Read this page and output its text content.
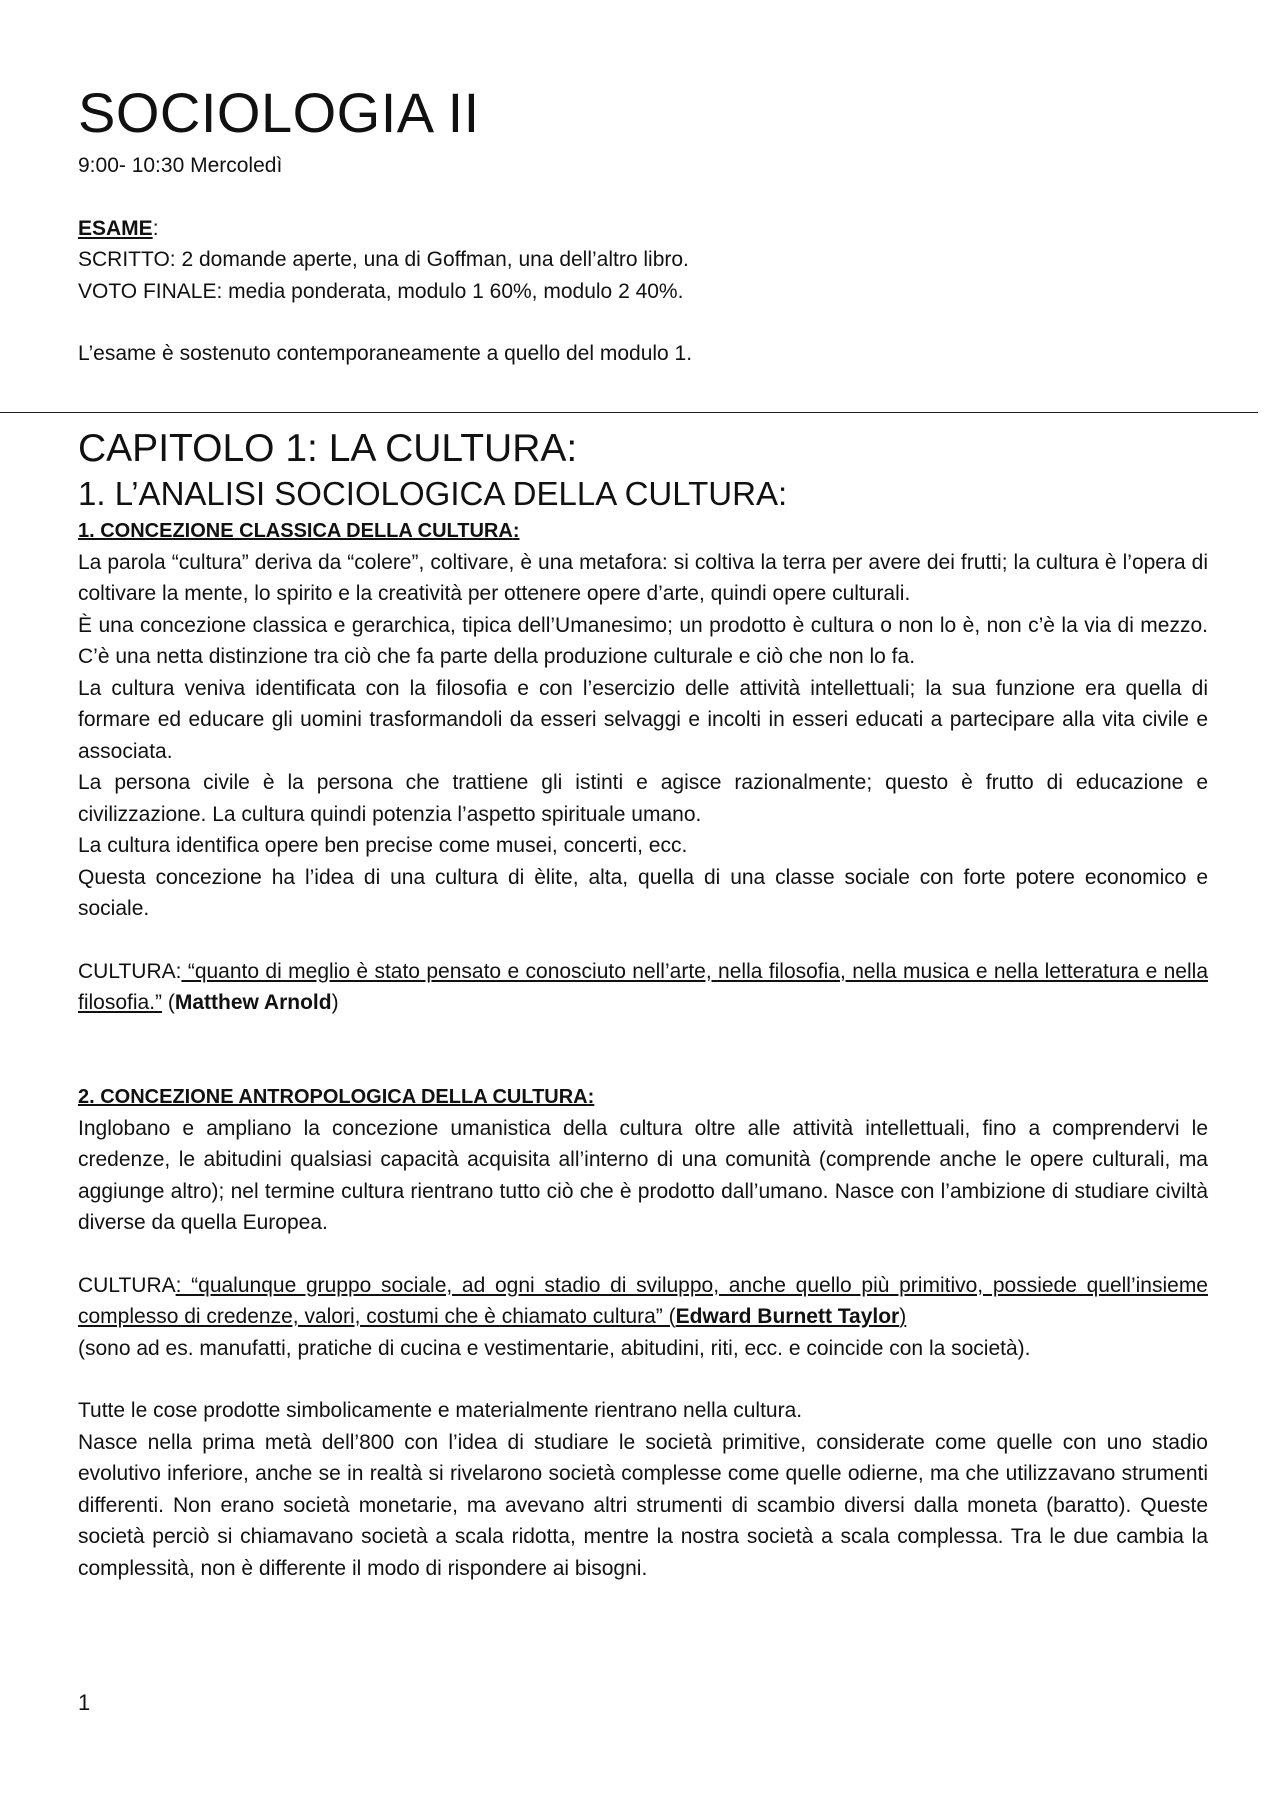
SOCIOLOGIA II
9:00- 10:30 Mercoledì
ESAME:
SCRITTO: 2 domande aperte, una di Goffman, una dell’altro libro.
VOTO FINALE: media ponderata, modulo 1 60%, modulo 2 40%.
L’esame è sostenuto contemporaneamente a quello del modulo 1.
CAPITOLO 1: LA CULTURA:
1. L’ANALISI SOCIOLOGICA DELLA CULTURA:
1. CONCEZIONE CLASSICA DELLA CULTURA:
La parola “cultura” deriva da “colere”, coltivare, è una metafora: si coltiva la terra per avere dei frutti; la cultura è l’opera di coltivare la mente, lo spirito e la creatività per ottenere opere d’arte, quindi opere culturali.
È una concezione classica e gerarchica, tipica dell’Umanesimo; un prodotto è cultura o non lo è, non c’è la via di mezzo. C’è una netta distinzione tra ciò che fa parte della produzione culturale e ciò che non lo fa.
La cultura veniva identificata con la filosofia e con l’esercizio delle attività intellettuali; la sua funzione era quella di formare ed educare gli uomini trasformandoli da esseri selvaggi e incolti in esseri educati a partecipare alla vita civile e associata.
La persona civile è la persona che trattiene gli istinti e agisce razionalmente; questo è frutto di educazione e civilizzazione. La cultura quindi potenzia l’aspetto spirituale umano.
La cultura identifica opere ben precise come musei, concerti, ecc.
Questa concezione ha l’idea di una cultura di èlite, alta, quella di una classe sociale con forte potere economico e sociale.
CULTURA: “quanto di meglio è stato pensato e conosciuto nell’arte, nella filosofia, nella musica e nella letteratura e nella filosofia.” (Matthew Arnold)
2. CONCEZIONE ANTROPOLOGICA DELLA CULTURA:
Inglobano e ampliano la concezione umanistica della cultura oltre alle attività intellettuali, fino a comprendervi le credenze, le abitudini qualsiasi capacità acquisita all’interno di una comunità (comprende anche le opere culturali, ma aggiunge altro); nel termine cultura rientrano tutto ciò che è prodotto dall’umano. Nasce con l’ambizione di studiare civiltà diverse da quella Europea.
CULTURA: “qualunque gruppo sociale, ad ogni stadio di sviluppo, anche quello più primitivo, possiede quell’insieme complesso di credenze, valori, costumi che è chiamato cultura” (Edward Burnett Taylor)
(sono ad es. manufatti, pratiche di cucina e vestimentarie, abitudini, riti, ecc. e coincide con la società).
Tutte le cose prodotte simbolicamente e materialmente rientrano nella cultura.
Nasce nella prima metà dell’800 con l’idea di studiare le società primitive, considerate come quelle con uno stadio evolutivo inferiore, anche se in realtà si rivelarono società complesse come quelle odierne, ma che utilizzavano strumenti differenti. Non erano società monetarie, ma avevano altri strumenti di scambio diversi dalla moneta (baratto). Queste società perciò si chiamavano società a scala ridotta, mentre la nostra società a scala complessa. Tra le due cambia la complessità, non è differente il modo di rispondere ai bisogni.
1
